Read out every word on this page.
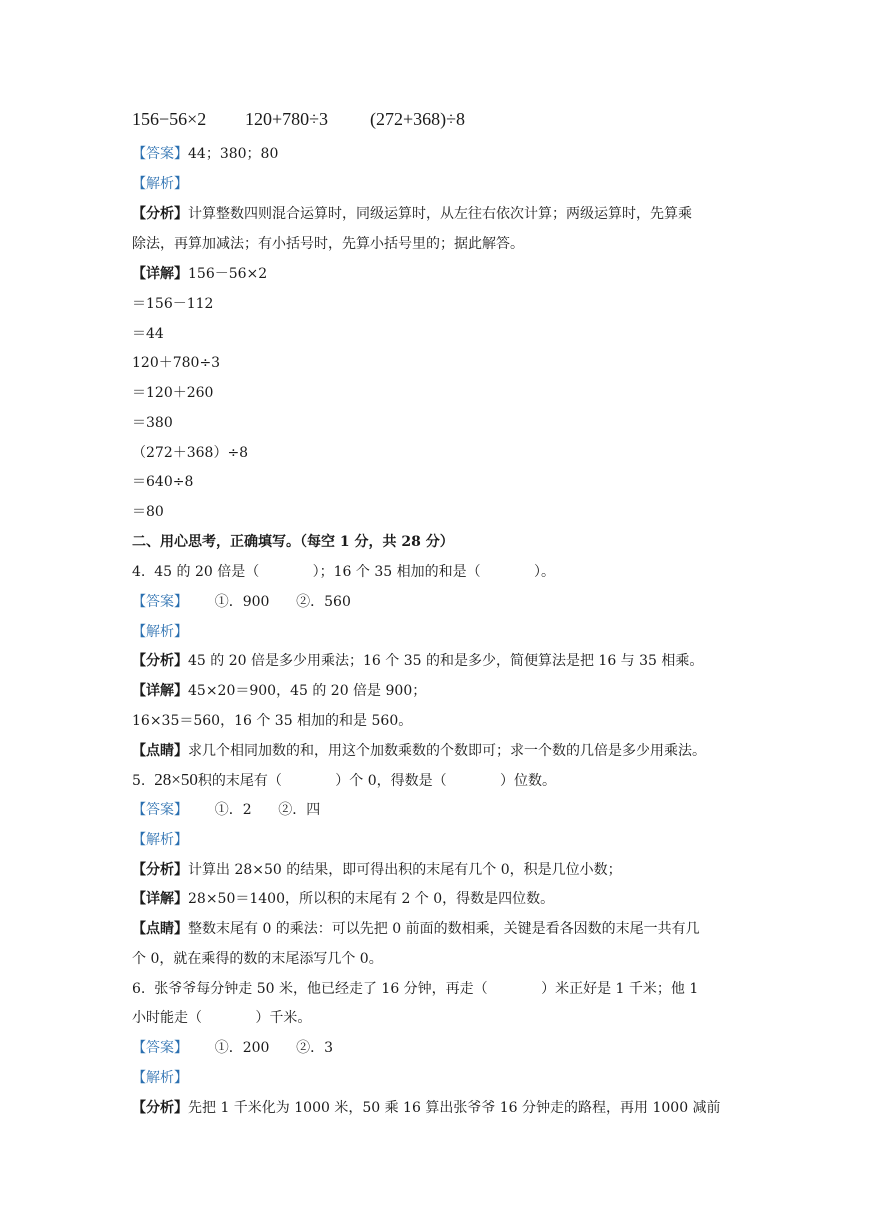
156−56×2 120+780÷3 (272+368)÷8
【答案】44；380；80
【解析】
【分析】计算整数四则混合运算时，同级运算时，从左往右依次计算；两级运算时，先算乘
除法，再算加减法；有小括号时，先算小括号里的；据此解答。
【详解】156－56×2
＝156－112
＝44
120＋780÷3
＝120＋260
＝380
（272＋368）÷8
＝640÷8
＝80
二、用心思考，正确填写。（每空 1 分，共 28 分）
4.  45 的 20 倍是（            ）；16 个 35 相加的和是（            ）。
【答案】      ①．900      ②．560
【解析】
【分析】45 的 20 倍是多少用乘法；16 个 35 的和是多少，简便算法是把 16 与 35 相乘。
【详解】45×20＝900，45 的 20 倍是 900；
16×35＝560，16 个 35 相加的和是 560。
【点睛】求几个相同加数的和，用这个加数乘数的个数即可；求一个数的几倍是多少用乘法。
5. 28×50积的末尾有（            ）个 0，得数是（            ）位数。
【答案】      ①．2      ②．四
【解析】
【分析】计算出 28×50 的结果，即可得出积的末尾有几个 0，积是几位小数；
【详解】28×50＝1400，所以积的末尾有 2 个 0，得数是四位数。
【点睛】整数末尾有 0 的乘法：可以先把 0 前面的数相乘，关键是看各因数的末尾一共有几
个 0，就在乘得的数的末尾添写几个 0。
6.  张爷爷每分钟走 50 米，他已经走了 16 分钟，再走（            ）米正好是 1 千米；他 1
小时能走（            ）千米。
【答案】      ①．200      ②．3
【解析】
【分析】先把 1 千米化为 1000 米，50 乘 16 算出张爷爷 16 分钟走的路程，再用 1000 减前
